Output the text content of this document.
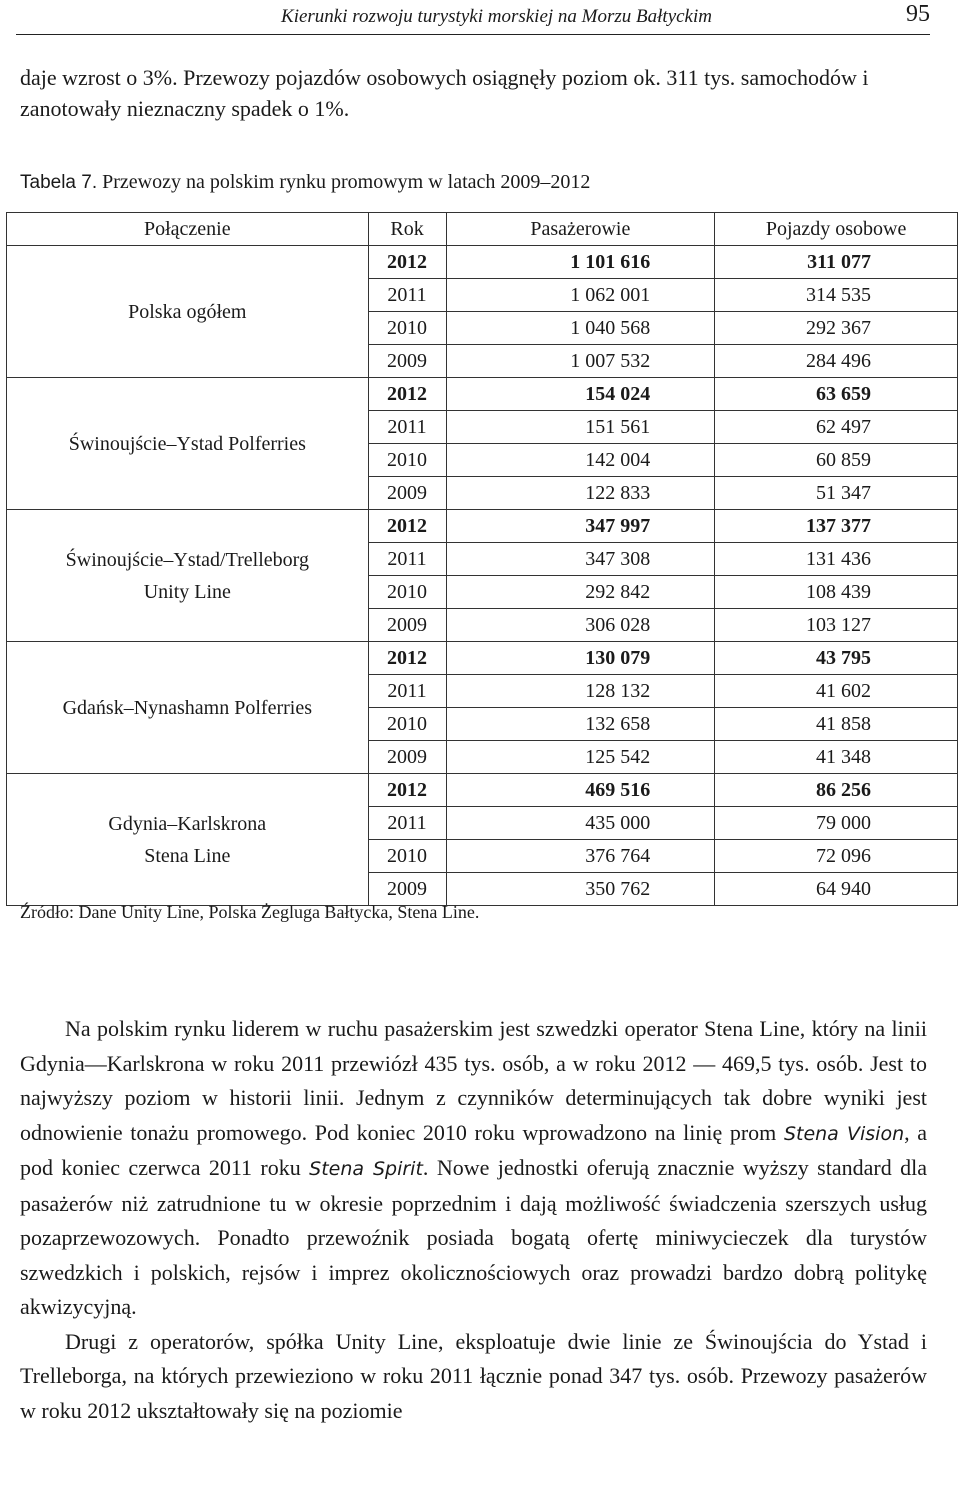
Kierunki rozwoju turystyki morskiej na Morzu Bałtyckim	95
daje wzrost o 3%. Przewozy pojazdów osobowych osiągnęły poziom ok. 311 tys. samochodów i zanotowały nieznaczny spadek o 1%.
Tabela 7. Przewozy na polskim rynku promowym w latach 2009–2012
Połączenie	Rok	Pasażerowie	Pojazdy osobowe

Polska ogółem	2012	1 101 616	311 077
	2011	1 062 001	314 535
	2010	1 040 568	292 367
	2009	1 007 532	284 496

Świnoujście–Ystad Polferries	2012	154 024	63 659
	2011	151 561	62 497
	2010	142 004	60 859
	2009	122 833	51 347

Świnoujście–Ystad/Trelleborg
Unity Line	2012	347 997	137 377
	2011	347 308	131 436
	2010	292 842	108 439
	2009	306 028	103 127

Gdańsk–Nynashamn Polferries	2012	130 079	43 795
	2011	128 132	41 602
	2010	132 658	41 858
	2009	125 542	41 348

Gdynia–Karlskrona
Stena Line	2012	469 516	86 256
	2011	435 000	79 000
	2010	376 764	72 096
	2009	350 762	64 940
Źródło: Dane Unity Line, Polska Żegluga Bałtycka, Stena Line.

Na polskim rynku liderem w ruchu pasażerskim jest szwedzki operator Stena Line, który na linii Gdynia—Karlskrona w roku 2011 przewiózł 435 tys. osób, a w roku 2012 — 469,5 tys. osób. Jest to najwyższy poziom w historii linii. Jednym z czynników determinujących tak dobre wyniki jest odnowienie tonażu promowego. Pod koniec 2010 roku wprowadzono na linię prom Stena Vision, a pod koniec czerwca 2011 roku Stena Spirit. Nowe jednostki oferują znacznie wyższy standard dla pasażerów niż zatrudnione tu w okresie poprzednim i dają możliwość świadczenia szerszych usług pozaprzewozowych. Ponadto przewoźnik posiada bogatą ofertę miniwycieczek dla turystów szwedzkich i polskich, rejsów i imprez okolicznościowych oraz prowadzi bardzo dobrą politykę akwizycyjną.

Drugi z operatorów, spółka Unity Line, eksploatuje dwie linie ze Świnoujścia do Ystad i Trelleborga, na których przewieziono w roku 2011 łącznie ponad 347 tys. osób. Przewozy pasażerów w roku 2012 ukształtowały się na poziomie
